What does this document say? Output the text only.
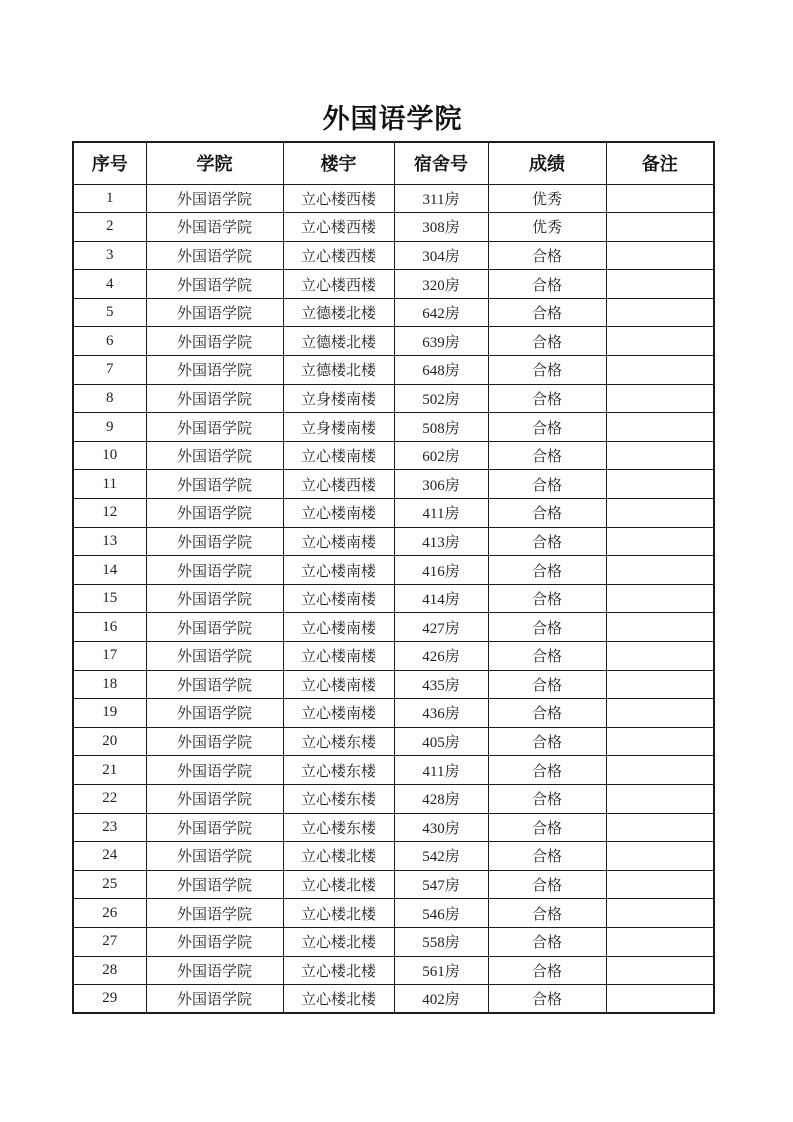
外国语学院
序号	学院	楼宇	宿舍号	成绩	备注
1	外国语学院	立心楼西楼	311房	优秀	
2	外国语学院	立心楼西楼	308房	优秀	
3	外国语学院	立心楼西楼	304房	合格	
4	外国语学院	立心楼西楼	320房	合格	
5	外国语学院	立德楼北楼	642房	合格	
6	外国语学院	立德楼北楼	639房	合格	
7	外国语学院	立德楼北楼	648房	合格	
8	外国语学院	立身楼南楼	502房	合格	
9	外国语学院	立身楼南楼	508房	合格	
10	外国语学院	立心楼南楼	602房	合格	
11	外国语学院	立心楼西楼	306房	合格	
12	外国语学院	立心楼南楼	411房	合格	
13	外国语学院	立心楼南楼	413房	合格	
14	外国语学院	立心楼南楼	416房	合格	
15	外国语学院	立心楼南楼	414房	合格	
16	外国语学院	立心楼南楼	427房	合格	
17	外国语学院	立心楼南楼	426房	合格	
18	外国语学院	立心楼南楼	435房	合格	
19	外国语学院	立心楼南楼	436房	合格	
20	外国语学院	立心楼东楼	405房	合格	
21	外国语学院	立心楼东楼	411房	合格	
22	外国语学院	立心楼东楼	428房	合格	
23	外国语学院	立心楼东楼	430房	合格	
24	外国语学院	立心楼北楼	542房	合格	
25	外国语学院	立心楼北楼	547房	合格	
26	外国语学院	立心楼北楼	546房	合格	
27	外国语学院	立心楼北楼	558房	合格	
28	外国语学院	立心楼北楼	561房	合格	
29	外国语学院	立心楼北楼	402房	合格	
